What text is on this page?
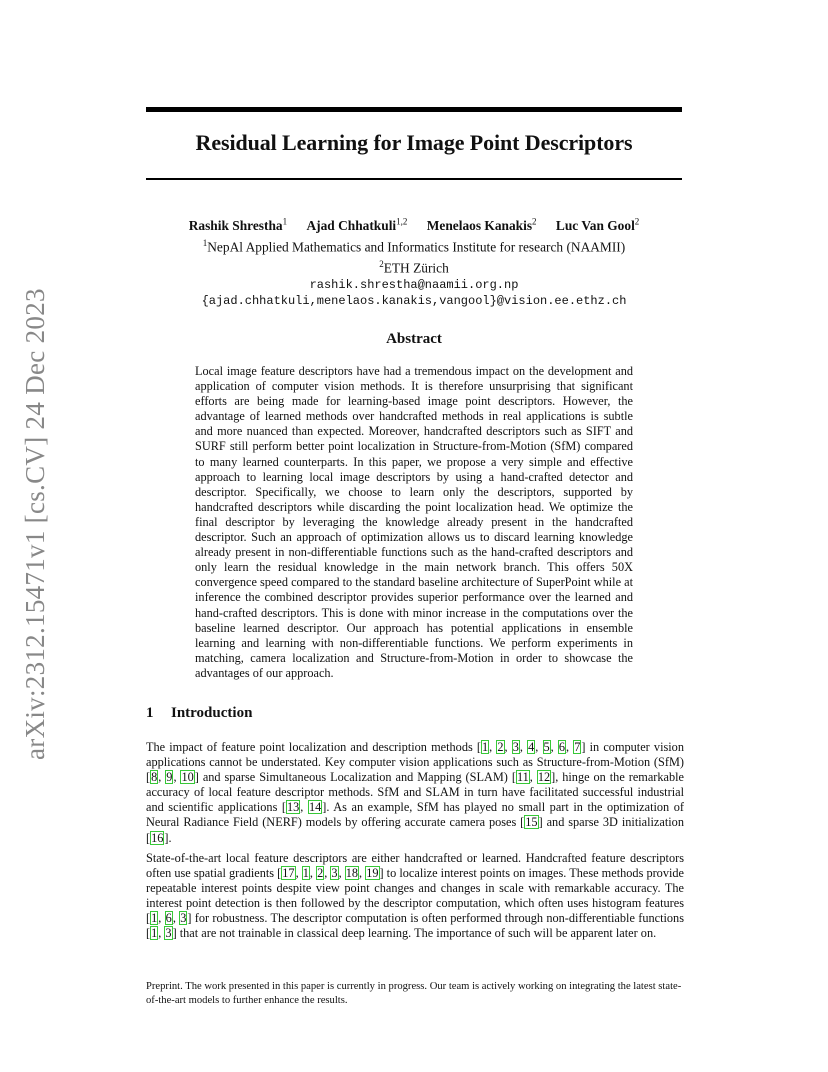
arXiv:2312.15471v1 [cs.CV] 24 Dec 2023
Residual Learning for Image Point Descriptors
Rashik Shrestha$^1$ Ajad Chhatkuli$^{1,2}$ Menelaos Kanakis$^2$ Luc Van Gool$^2$
$^1$NepAl Applied Mathematics and Informatics Institute for research (NAAMII)
$^2$ETH Zürich
rashik.shrestha@naamii.org.np
{ajad.chhatkuli,menelaos.kanakis,vangool}@vision.ee.ethz.ch
Abstract
Local image feature descriptors have had a tremendous impact on the development and application of computer vision methods. It is therefore unsurprising that significant efforts are being made for learning-based image point descriptors. However, the advantage of learned methods over handcrafted methods in real applications is subtle and more nuanced than expected. Moreover, handcrafted descriptors such as SIFT and SURF still perform better point localization in Structure-from-Motion (SfM) compared to many learned counterparts. In this paper, we propose a very simple and effective approach to learning local image descriptors by using a hand-crafted detector and descriptor. Specifically, we choose to learn only the descriptors, supported by handcrafted descriptors while discarding the point localization head. We optimize the final descriptor by leveraging the knowledge already present in the handcrafted descriptor. Such an approach of optimization allows us to discard learning knowledge already present in non-differentiable functions such as the hand-crafted descriptors and only learn the residual knowledge in the main network branch. This offers 50X convergence speed compared to the standard baseline architecture of SuperPoint while at inference the combined descriptor provides superior performance over the learned and hand-crafted descriptors. This is done with minor increase in the computations over the baseline learned descriptor. Our approach has potential applications in ensemble learning and learning with non-differentiable functions. We perform experiments in matching, camera localization and Structure-from-Motion in order to showcase the advantages of our approach.
1 Introduction
The impact of feature point localization and description methods [1, 2, 3, 4, 5, 6, 7] in computer vision applications cannot be understated. Key computer vision applications such as Structure-from-Motion (SfM) [8, 9, 10] and sparse Simultaneous Localization and Mapping (SLAM) [11, 12], hinge on the remarkable accuracy of local feature descriptor methods. SfM and SLAM in turn have facilitated successful industrial and scientific applications [13, 14]. As an example, SfM has played no small part in the optimization of Neural Radiance Field (NERF) models by offering accurate camera poses [15] and sparse 3D initialization [16].
State-of-the-art local feature descriptors are either handcrafted or learned. Handcrafted feature descriptors often use spatial gradients [17, 1, 2, 3, 18, 19] to localize interest points on images. These methods provide repeatable interest points despite view point changes and changes in scale with remarkable accuracy. The interest point detection is then followed by the descriptor computation, which often uses histogram features [1, 6, 3] for robustness. The descriptor computation is often performed through non-differentiable functions [1, 3] that are not trainable in classical deep learning. The importance of such will be apparent later on.
Preprint. The work presented in this paper is currently in progress. Our team is actively working on integrating the latest state-of-the-art models to further enhance the results.
